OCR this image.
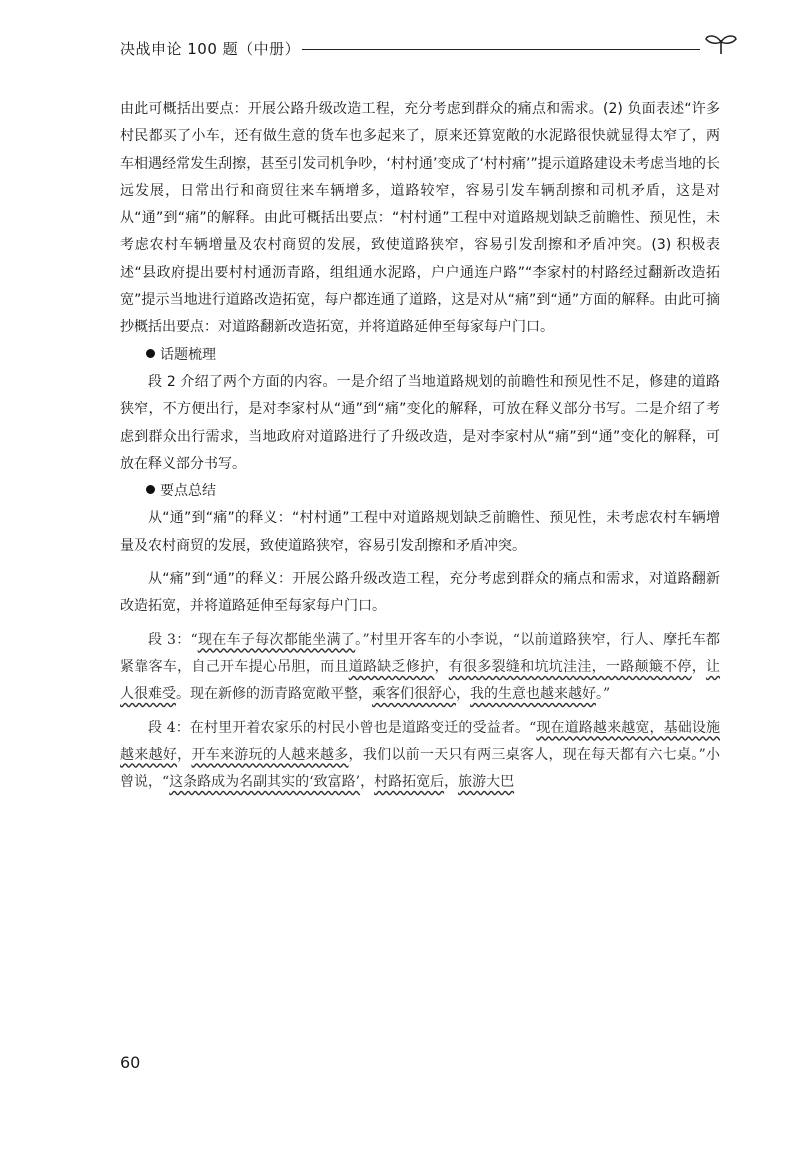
决战申论 100 题（中册）

由此可概括出要点：开展公路升级改造工程，充分考虑到群众的痛点和需求。(2) 负面表述“许多村民都买了小车，还有做生意的货车也多起来了，原来还算宽敞的水泥路很快就显得太窄了，两车相遇经常发生刮擦，甚至引发司机争吵，‘村村通’变成了‘村村痛’”提示道路建设未考虑当地的长远发展，日常出行和商贸往来车辆增多，道路较窄，容易引发车辆刮擦和司机矛盾，这是对从“通”到“痛”的解释。由此可概括出要点：“村村通”工程中对道路规划缺乏前瞻性、预见性，未考虑农村车辆增量及农村商贸的发展，致使道路狭窄，容易引发刮擦和矛盾冲突。(3) 积极表述“县政府提出要村村通沥青路，组组通水泥路，户户通连户路”“李家村的村路经过翻新改造拓宽”提示当地进行道路改造拓宽，每户都连通了道路，这是对从“痛”到“通”方面的解释。由此可摘抄概括出要点：对道路翻新改造拓宽，并将道路延伸至每家每户门口。

话题梳理

段 2 介绍了两个方面的内容。一是介绍了当地道路规划的前瞻性和预见性不足，修建的道路狭窄，不方便出行，是对李家村从“通”到“痛”变化的解释，可放在释义部分书写。二是介绍了考虑到群众出行需求，当地政府对道路进行了升级改造，是对李家村从“痛”到“通”变化的解释，可放在释义部分书写。

要点总结

从“通”到“痛”的释义：“村村通”工程中对道路规划缺乏前瞻性、预见性，未考虑农村车辆增量及农村商贸的发展，致使道路狭窄，容易引发刮擦和矛盾冲突。

从“痛”到“通”的释义：开展公路升级改造工程，充分考虑到群众的痛点和需求，对道路翻新改造拓宽，并将道路延伸至每家每户门口。

段 3：“现在车子每次都能坐满了。”村里开客车的小李说，“以前道路狭窄，行人、摩托车都紧靠客车，自己开车提心吊胆，而且道路缺乏修护，有很多裂缝和坑坑洼洼，一路颠簸不停，让人很难受。现在新修的沥青路宽敞平整，乘客们很舒心，我的生意也越来越好。”

段 4：在村里开着农家乐的村民小曾也是道路变迁的受益者。“现在道路越来越宽，基础设施越来越好，开车来游玩的人越来越多，我们以前一天只有两三桌客人，现在每天都有六七桌。”小曾说，“这条路成为名副其实的‘致富路’，村路拓宽后，旅游大巴

60
